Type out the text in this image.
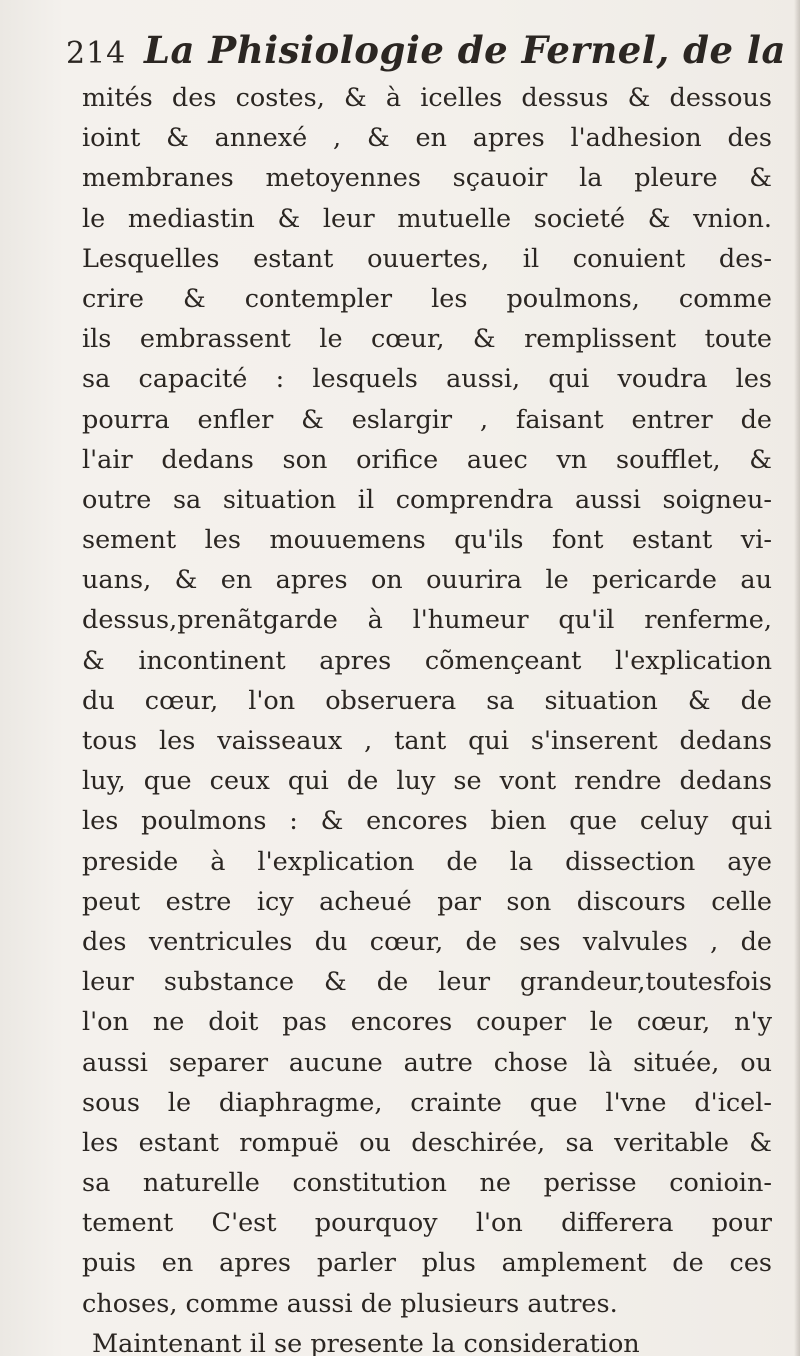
214 La Phisiologie de Fernel, de la
mités des costes, & à icelles dessus & dessous
ioint & annexé , & en apres l'adhesion des
membranes metoyennes sçauoir la pleure &
le mediastin & leur mutuelle societé & vnion.
Lesquelles estant ouuertes, il conuient des-
crire & contempler les poulmons, comme
ils embrassent le cœur, & remplissent toute
sa capacité : lesquels aussi, qui voudra les
pourra enfler & eslargir , faisant entrer de
l'air dedans son orifice auec vn soufflet, &
outre sa situation il comprendra aussi soigneu-
sement les mouuemens qu'ils font estant vi-
uans, & en apres on ouurira le pericarde au
dessus,prenãtgarde à l'humeur qu'il renferme,
& incontinent apres cõmençeant l'explication
du cœur, l'on obseruera sa situation & de
tous les vaisseaux , tant qui s'inserent dedans
luy, que ceux qui de luy se vont rendre dedans
les poulmons : & encores bien que celuy qui
preside à l'explication de la dissection aye
peut estre icy acheué par son discours celle
des ventricules du cœur, de ses valvules , de
leur substance & de leur grandeur,toutesfois
l'on ne doit pas encores couper le cœur, n'y
aussi separer aucune autre chose là située, ou
sous le diaphragme, crainte que l'vne d'icel-
les estant rompuë ou deschirée, sa veritable &
sa naturelle constitution ne perisse conioin-
tement C'est pourquoy l'on differera pour
puis en apres parler plus amplement de ces
choses, comme aussi de plusieurs autres.
Maintenant il se presente la consideration
